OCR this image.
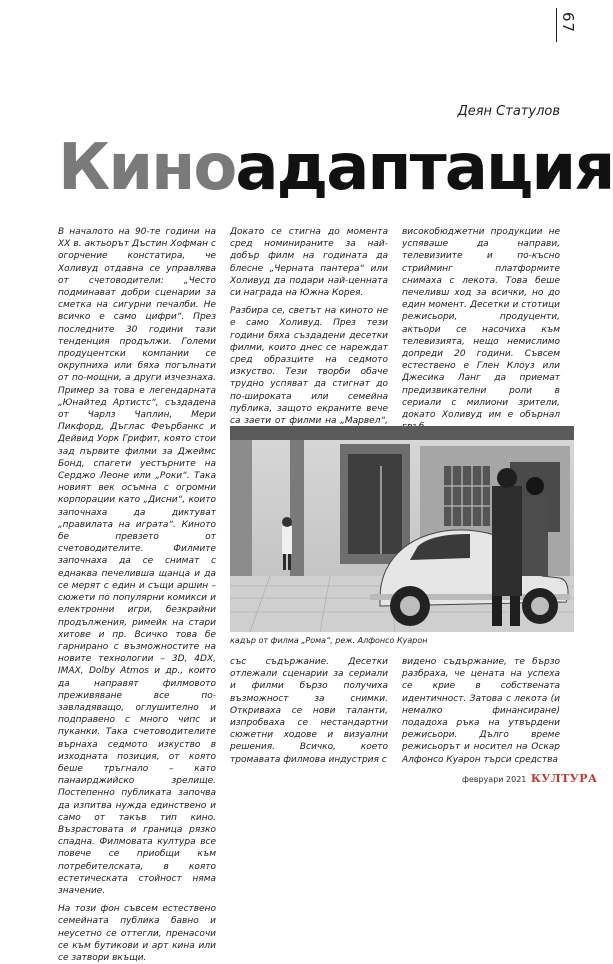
67
Деян Статулов
Киноадаптация

В началото на 90-те години на XX в. актьорът Дъстин Хофман с огорчение констатира, че Холивуд отдавна се управлява от счетоводители: „Често подминават добри сценарии за сметка на сигурни печалби. Не всичко е само цифри“. През последните 30 години тази тенденция продължи. Големи продуцентски компании се окрупниха или бяха погълнати от по-мощни, а други изчезнаха. Пример за това е легендарната „Юнайтед Артистс“, създадена от Чарлз Чаплин, Мери Пикфорд, Дъглас Феърбанкс и Дейвид Уорк Грифит, която стои зад първите филми за Джеймс Бонд, спагети уестърните на Серджо Леоне или „Роки“. Така новият век осъмна с огромни корпорации като „Дисни“, които започнаха да диктуват „правилата на играта“. Киното бе превзето от счетоводителите. Филмите започнаха да се снимат с еднаква печелившa щанца и да се мерят с един и същи аршин – сюжети по популярни комикси и електронни игри, безкрайни продължения, римейк на стари хитове и пр. Всичко това бе гарнирано с възможностите на новите технологии – 3D, 4DX, IMAX, Dolby Atmos и др., които да направят филмовото преживяване все по-завладяващо, оглушително и подправено с много чипс и пуканки. Така счетоводителите върнаха седмото изкуство в изходната позиция, от която беше тръгнало – като панаирджийско зрелище. Постепенно публиката започва да изпитва нужда единствено и само от такъв тип кино. Възрастовата и граница рязко спадна. Филмовата култура все повече се приобщи към потребителската, в която естетическата стойност няма значение.

На този фон съвсем естествено семейната публика бавно и неусетно се оттегли, пренасочи се към бутикови и арт кина или се затвори вкъщи.

Докато се стигна до момента сред номинираните за най-добър филм на годината да блесне „Черната пантера“ или Холивуд да подари най-ценната си награда на Южна Корея.

Разбира се, светът на киното не е само Холивуд. През тези години бяха създадени десетки филми, които днес се нареждат сред образците на седмото изкуство. Тези творби обаче трудно успяват да стигнат до по-широката или семейна публика, защото екраните вече са заети от филми на „Марвел“,

високобюджетни продукции не успяваше да направи, телевизиите и по-късно стрийминг платформите снимаха с лекота. Това беше печеливш ход за всички, но до един момент. Десетки и стотици режисьори, продуценти, актьори се насочиха към телевизията, нещо немислимо допреди 20 години. Съвсем естествено е Глен Клоуз или Джесика Ланг да приемат предизвикателни роли в сериали с милиони зрители, докато Холивуд им е обърнал

кадър от филма „Рома“, реж. Алфонсо Куарон

със съдържание. Десетки отлежали сценарии за сериали и филми бързо получиха възможност за снимки. Откриваха се нови таланти, изпробваха се нестандартни сюжетни ходове и визуални решения. Всичко, което тромавата филмова индустрия с

видено съдържание, те бързо разбраха, че цената на успеха се крие в собствената идентичност. Затова с лекота (и немалко финансиране) подадоха ръка на утвърдени режисьори. Дълго време режисьорът и носител на Оскар Алфонсо Куарон търси средства

февруари 2021 КУЛТУРА
